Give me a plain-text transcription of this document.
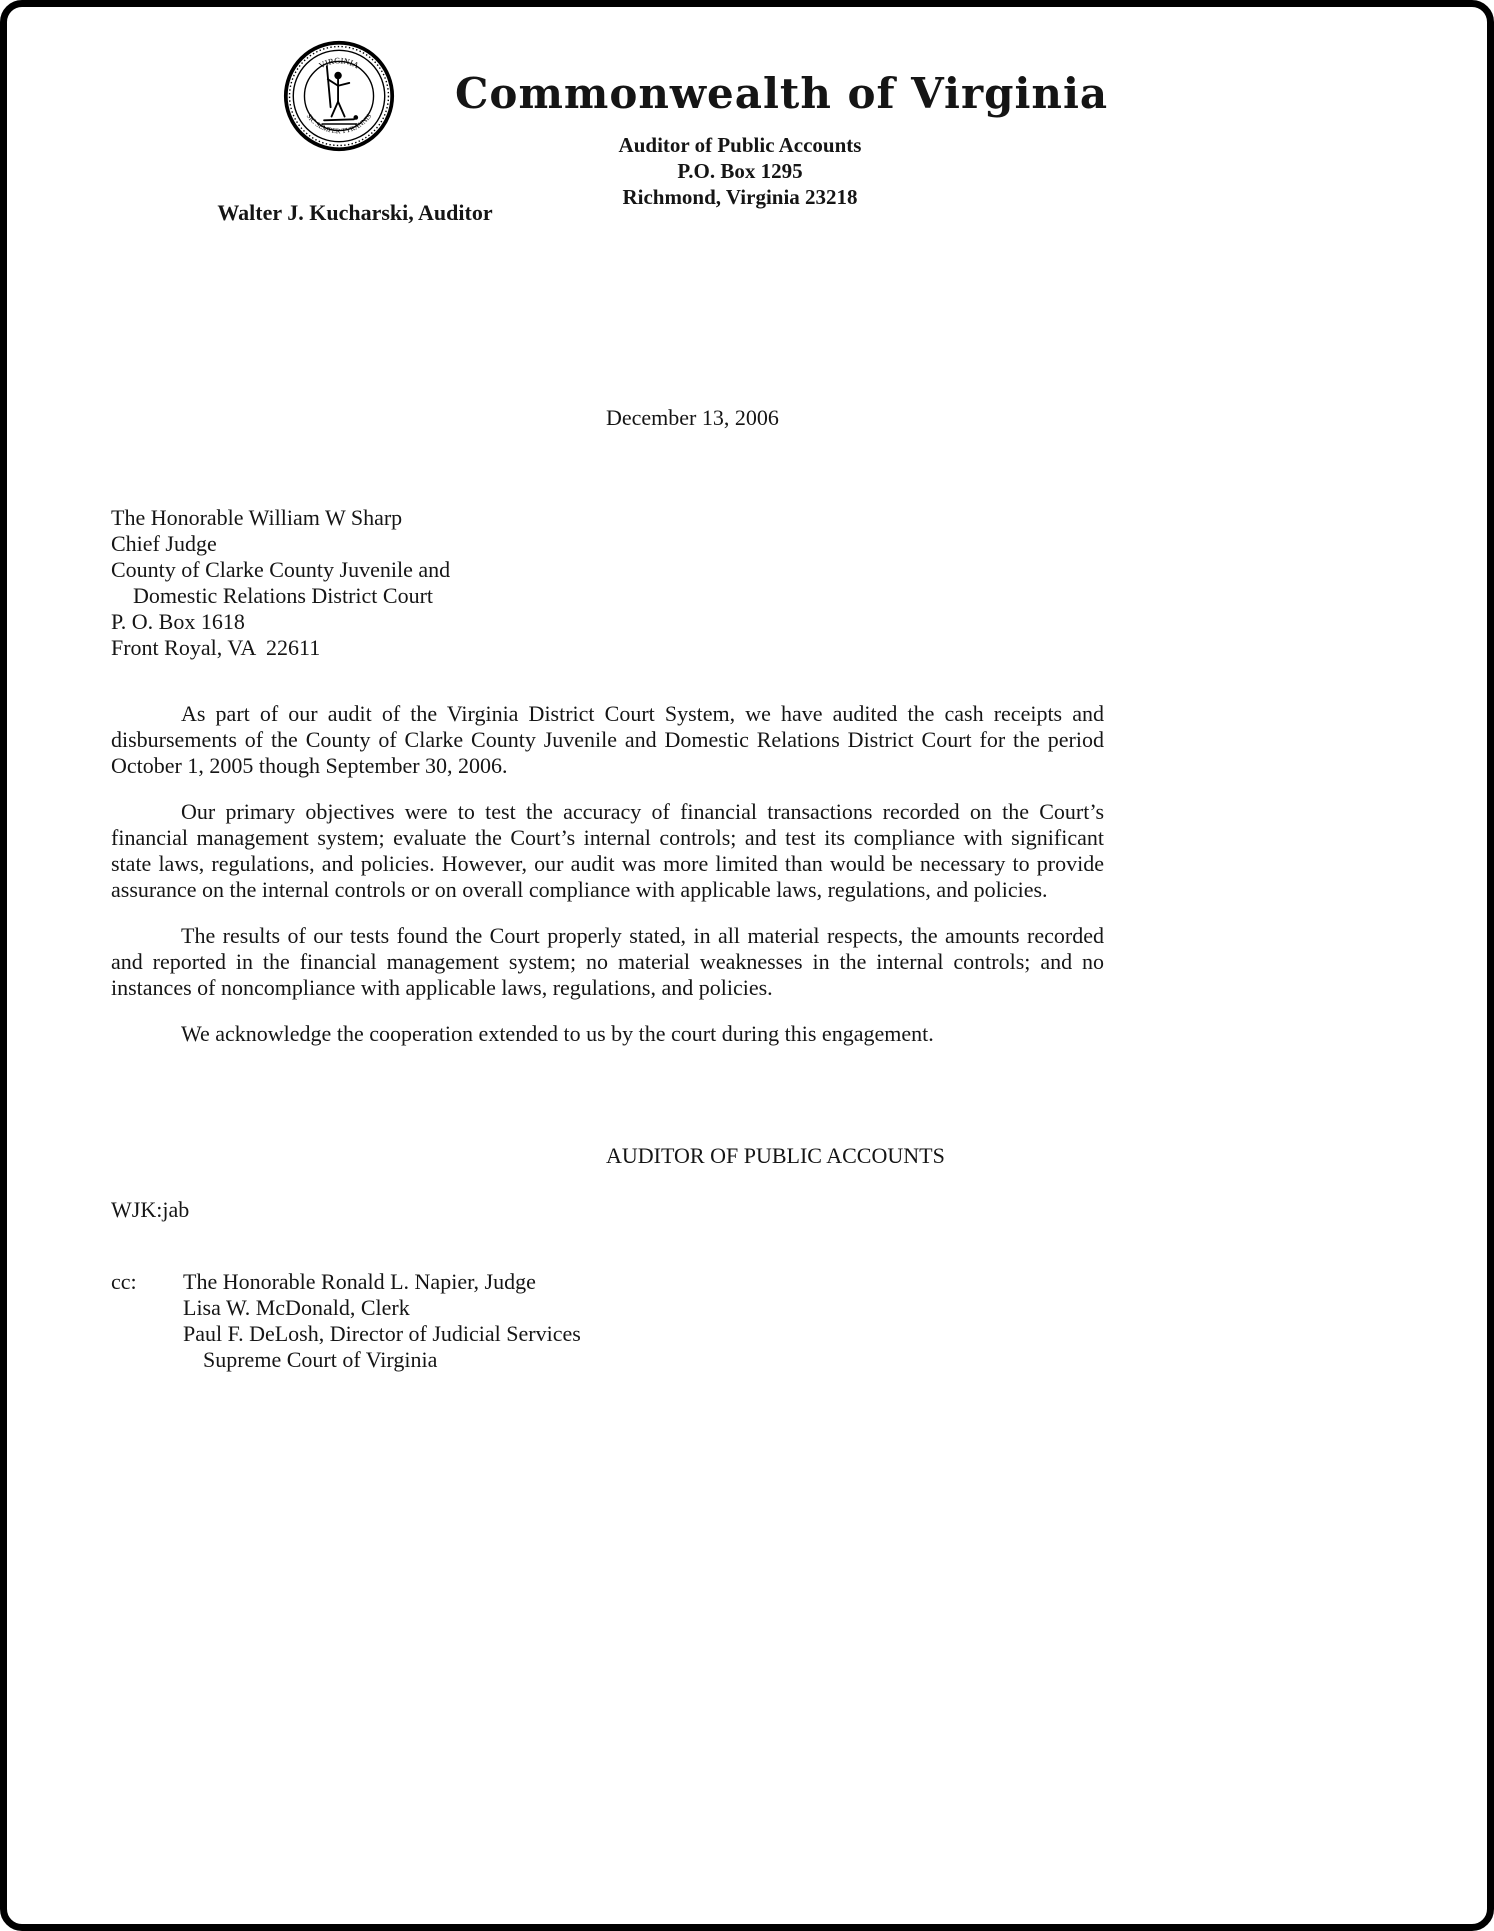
VIRGINIA
SIC SEMPER TYRANNIS
Walter J. Kucharski, Auditor
Commonwealth of Virginia
Auditor of Public Accounts
P.O. Box 1295
Richmond, Virginia 23218
December 13, 2006
The Honorable William W Sharp
Chief Judge
County of Clarke County Juvenile and
Domestic Relations District Court
P. O. Box 1618
Front Royal, VA  22611

As part of our audit of the Virginia District Court System, we have audited the cash receipts and disbursements of the County of Clarke County Juvenile and Domestic Relations District Court for the period October 1, 2005 though September 30, 2006.

Our primary objectives were to test the accuracy of financial transactions recorded on the Court’s financial management system; evaluate the Court’s internal controls; and test its compliance with significant state laws, regulations, and policies. However, our audit was more limited than would be necessary to provide assurance on the internal controls or on overall compliance with applicable laws, regulations, and policies.

The results of our tests found the Court properly stated, in all material respects, the amounts recorded and reported in the financial management system; no material weaknesses in the internal controls; and no instances of noncompliance with applicable laws, regulations, and policies.

We acknowledge the cooperation extended to us by the court during this engagement.

AUDITOR OF PUBLIC ACCOUNTS
WJK:jab
cc:	The Honorable Ronald L. Napier, Judge
Lisa W. McDonald, Clerk
Paul F. DeLosh, Director of Judicial Services
Supreme Court of Virginia
